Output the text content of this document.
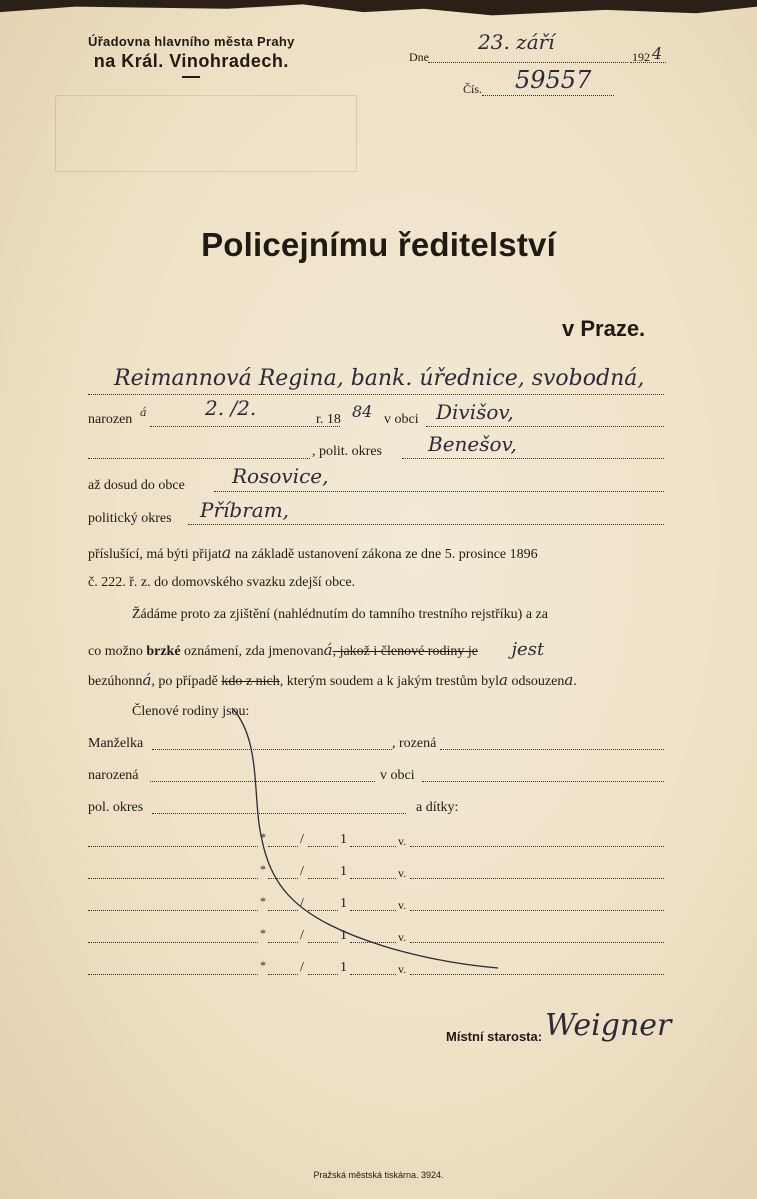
Úřadovna hlavního města Prahy
na Král. Vinohradech.	Dne
23. září
192 4
Čís. 59557
Policejnímu ředitelství
v Praze.
Reimannová Regina, bank. úřednice, svobodná,
narozen á	2. /2.	r. 18 84 v obci Divišov,
, polit. okres Benešov,
až dosud do obce Rosovice,
politický okres Příbram,
příslušící, má býti přijata na základě ustanovení zákona ze dne 5. prosince 1896
č. 222. ř. z. do domovského svazku zdejší obce.
Žádáme proto za zjištění (nahlédnutím do tamního trestního rejstříku) a za
co možno brzké oznámení, zda jmenovaná, jakož i členové rodiny je jest
bezúhonná, po případě kdo z nich, kterým soudem a k jakým trestům byla odsouzena.
Členové rodiny jsou:
Manželka	, rozená
narozená	v obci
pol. okres	a dítky:
* /	1	v.
* /	1	v.
* /	1	v.
* /	1	v.
* /	1	v.
Místní starosta: Weigner
Pražská městská tiskárna. 3924.
